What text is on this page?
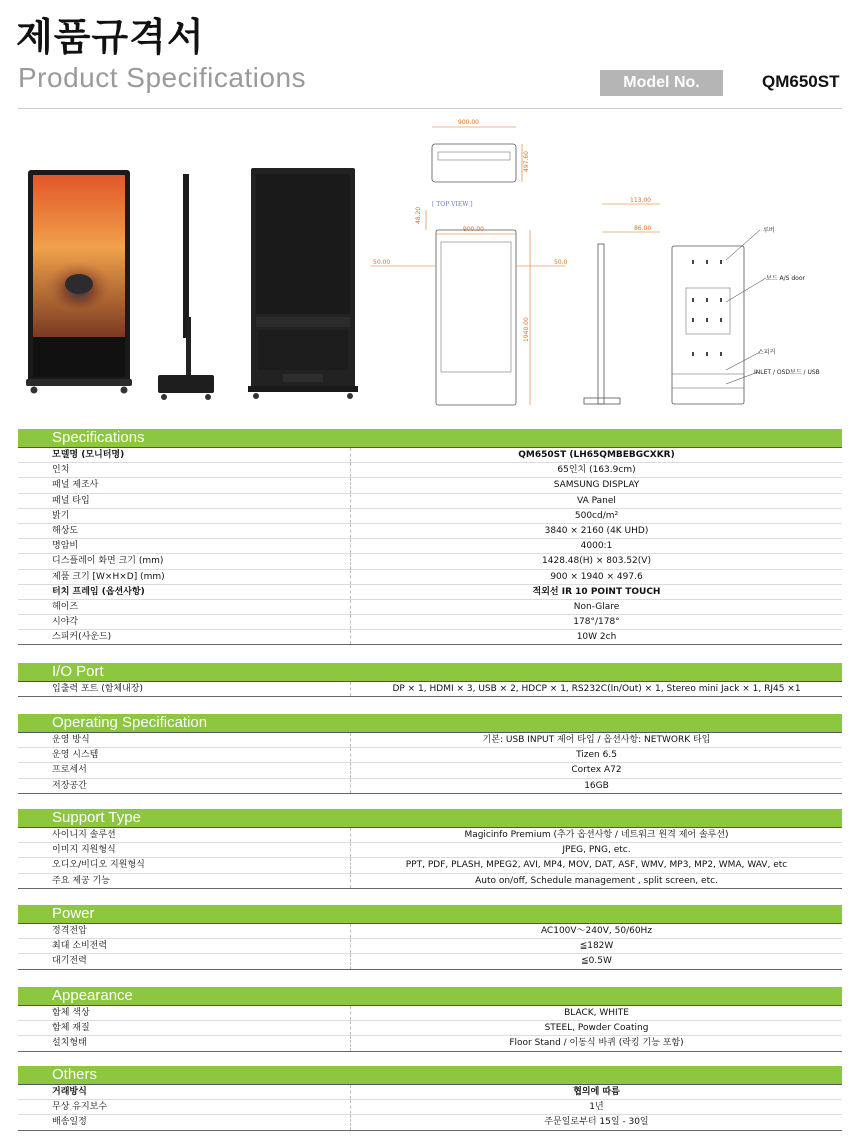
제품규격서
Product Specifications	Model No.	QM650ST
900.00
497.60
[ TOP VIEW ]
900.00
48.20
50.00	50.0
1940.00
113.00
86.00	루버
보드 A/S door
스피커
INLET / OSD보드 / USB
Specifications
모델명 (모니터명)	QM650ST (LH65QMBEBGCXKR)
인치	65인치 (163.9cm)
패널 제조사	SAMSUNG DISPLAY
패널 타입	VA Panel
밝기	500cd/m²
해상도	3840 × 2160 (4K UHD)
명암비	4000:1
디스플레이 화면 크기 (mm)	1428.48(H) × 803.52(V)
제품 크기 [W×H×D] (mm)	900 × 1940 × 497.6
터치 프레임 (옵션사항)	적외선 IR 10 POINT TOUCH
헤이즈	Non-Glare
시야각	178°/178°
스피커(사운드)	10W 2ch
I/O Port
입출력 포트 (함체내장)	DP × 1, HDMI × 3, USB × 2, HDCP × 1, RS232C(In/Out) × 1, Stereo mini Jack × 1, RJ45 ×1
Operating Specification
운영 방식	기본: USB INPUT 제어 타입 / 옵션사항: NETWORK 타입
운영 시스템	Tizen 6.5
프로세서	Cortex A72
저장공간	16GB
Support Type
사이니지 솔루션	Magicinfo Premium (추가 옵션사항 / 네트워크 원격 제어 솔루션)
이미지 지원형식	JPEG, PNG, etc.
오디오/비디오 지원형식	PPT, PDF, PLASH, MPEG2, AVI, MP4, MOV, DAT, ASF, WMV, MP3, MP2, WMA, WAV, etc
주요 제공 기능	Auto on/off, Schedule management , split screen, etc.
Power
정격전압	AC100V～240V, 50/60Hz
최대 소비전력	≦182W
대기전력	≦0.5W
Appearance
함체 색상	BLACK, WHITE
함체 재질	STEEL, Powder Coating
설치형태	Floor Stand / 이동식 바퀴 (락킹 기능 포함)
Others
거래방식	협의에 따름
무상 유지보수	1년
배송일정	주문일로부터 15일 - 30일
